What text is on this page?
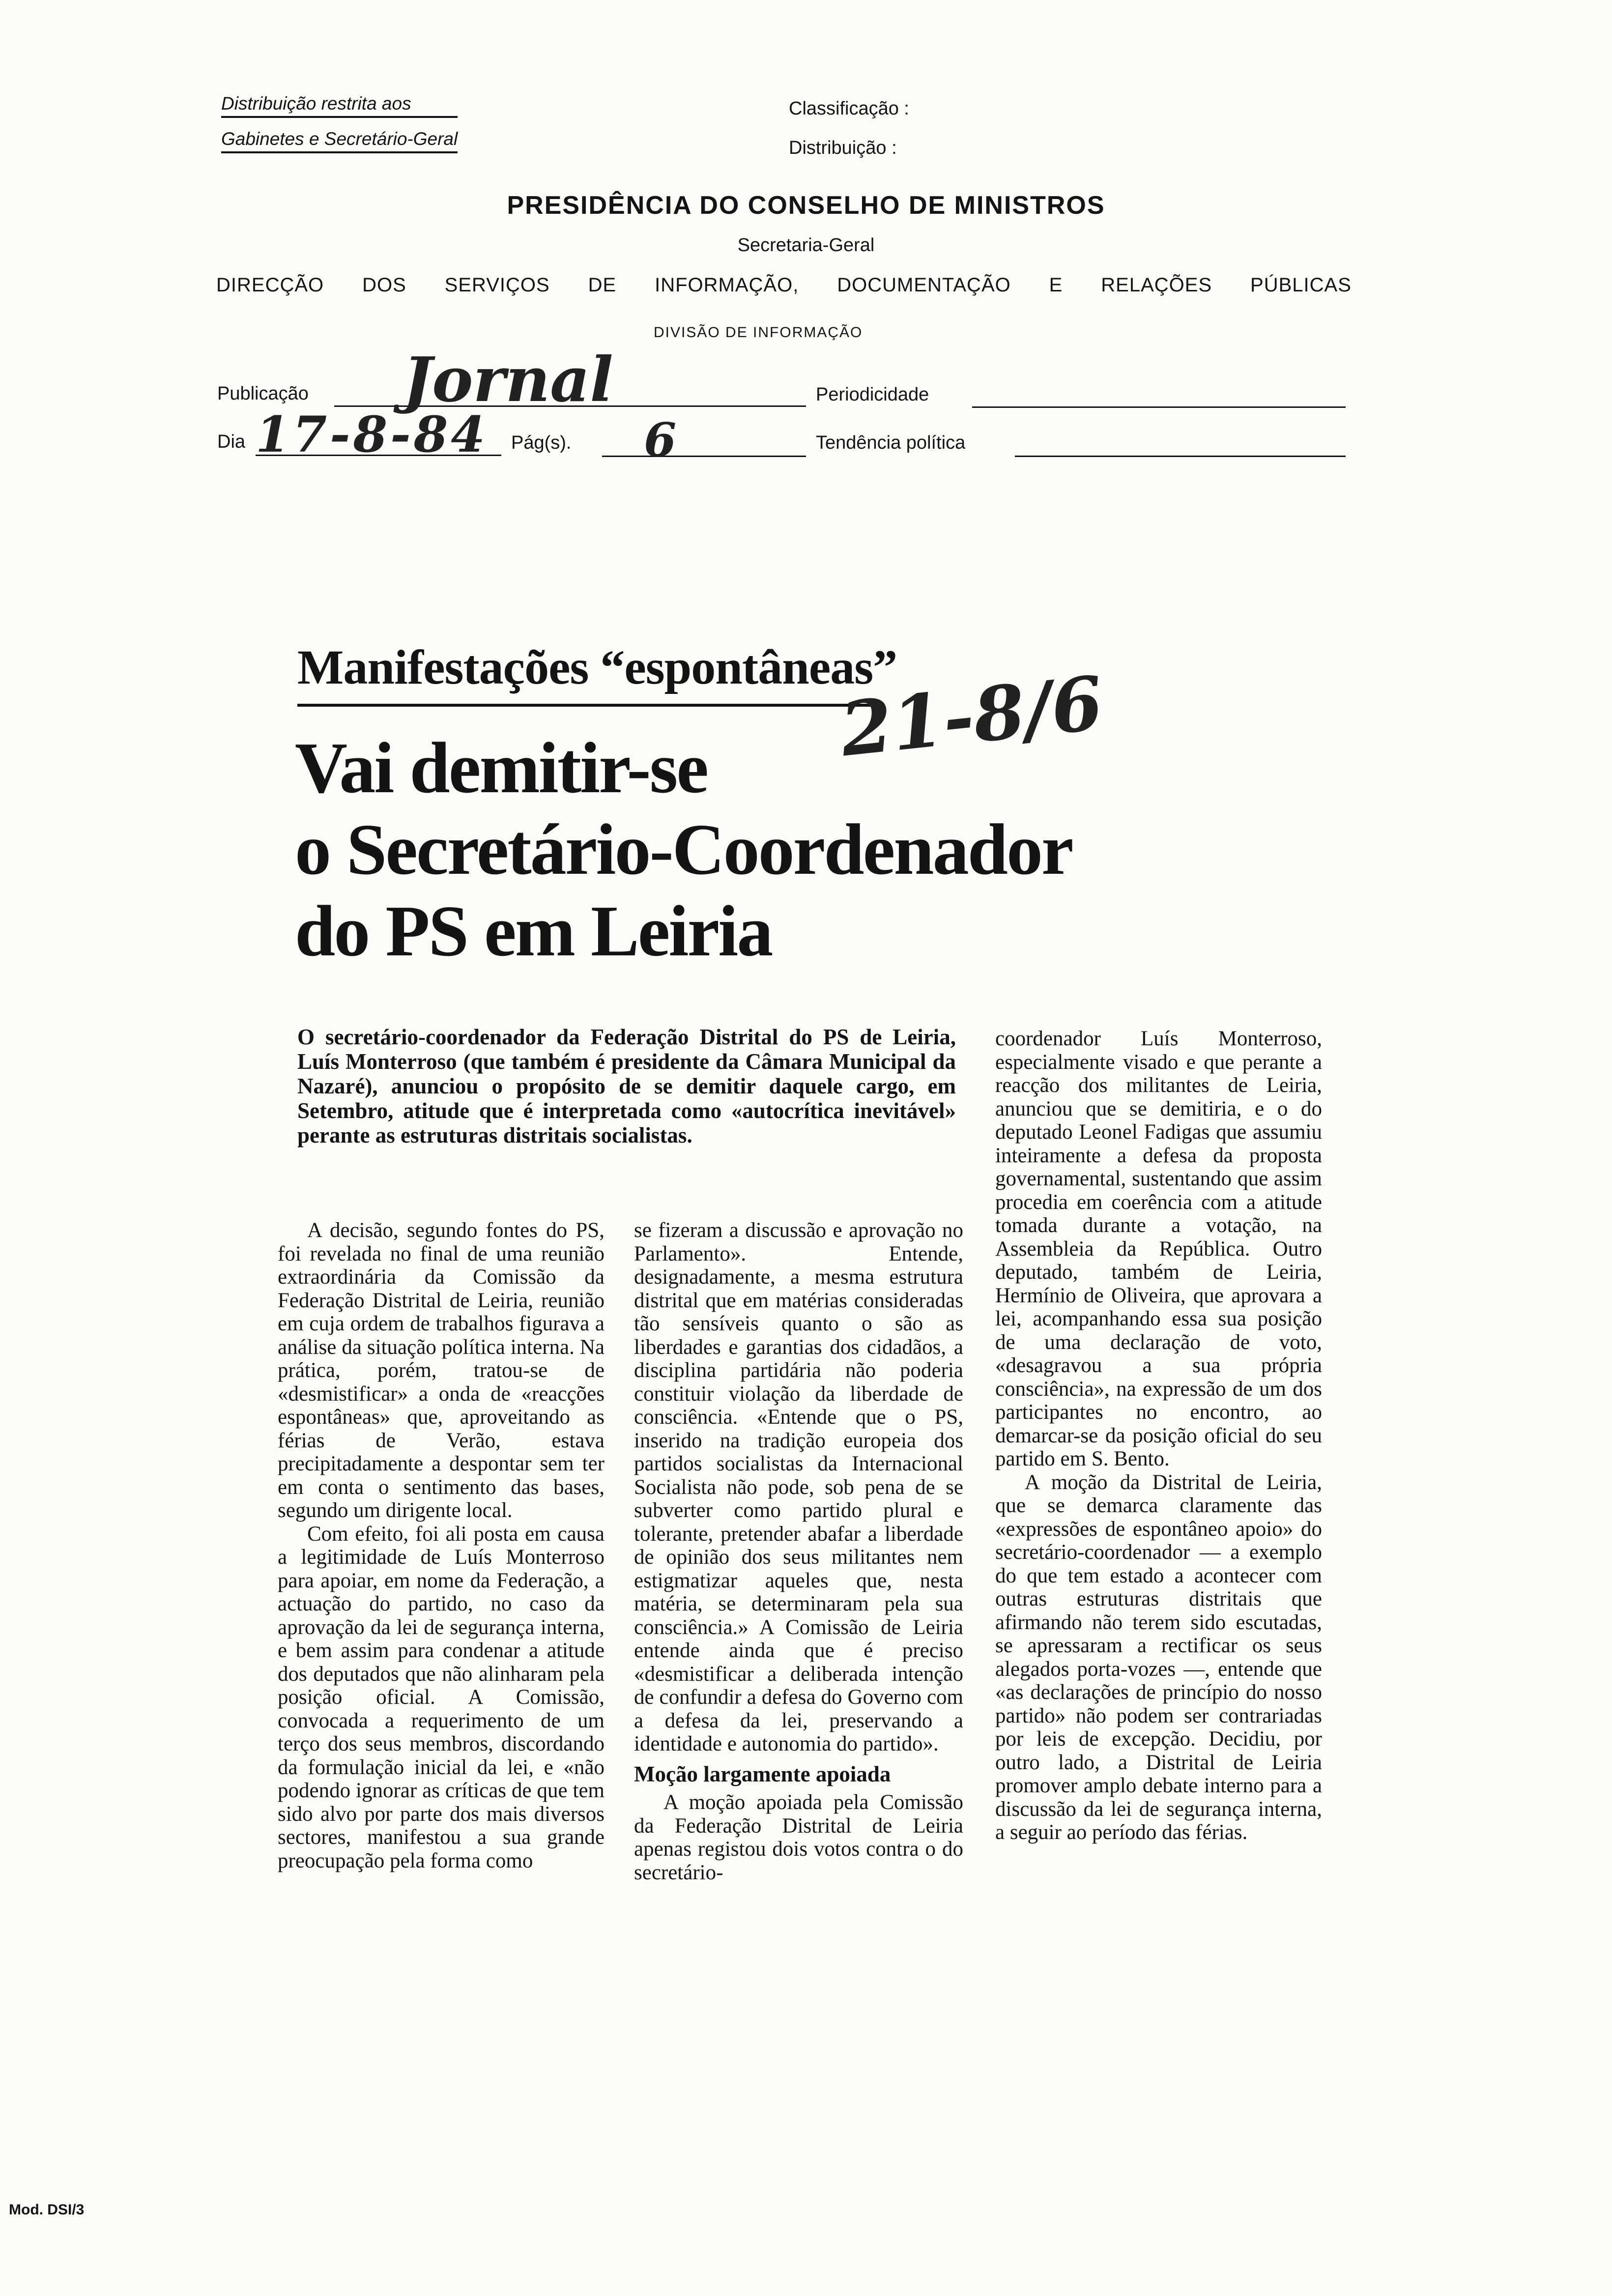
Distribuição restrita aos
Gabinetes e Secretário-Geral
Classificação :
Distribuição :
PRESIDÊNCIA DO CONSELHO DE MINISTROS
Secretaria-Geral
DIRECÇÃO DOS SERVIÇOS DE INFORMAÇÃO, DOCUMENTAÇÃO E RELAÇÕES PÚBLICAS
DIVISÃO DE INFORMAÇÃO
Publicação Jornal	Periodicidade
Dia 17-8-84 Pág(s). 6	Tendência política
Manifestações “espontâneas”
Vai demitir-se
o Secretário-Coordenador
do PS em Leiria
21-8/6
O secretário-coordenador da Federação Distrital do PS de Leiria, Luís Monterroso (que também é presidente da Câmara Municipal da Nazaré), anunciou o propósito de se demitir daquele cargo, em Setembro, atitude que é interpretada como «autocrítica inevitável» perante as estruturas distritais socialistas.

A decisão, segundo fontes do PS, foi revelada no final de uma reunião extraordinária da Comissão da Federação Distrital de Leiria, reunião em cuja ordem de trabalhos figurava a análise da situação política interna. Na prática, porém, tratou-se de «desmistificar» a onda de «reacções espontâneas» que, aproveitando as férias de Verão, estava precipitadamente a despontar sem ter em conta o sentimento das bases, segundo um dirigente local.

Com efeito, foi ali posta em causa a legitimidade de Luís Monterroso para apoiar, em nome da Federação, a actuação do partido, no caso da aprovação da lei de segurança interna, e bem assim para condenar a atitude dos deputados que não alinharam pela posição oficial. A Comissão, convocada a requerimento de um terço dos seus membros, discordando da formulação inicial da lei, e «não podendo ignorar as críticas de que tem sido alvo por parte dos mais diversos sectores, manifestou a sua grande preocupação pela forma como

se fizeram a discussão e aprovação no Parlamento». Entende, designadamente, a mesma estrutura distrital que em matérias consideradas tão sensíveis quanto o são as liberdades e garantias dos cidadãos, a disciplina partidária não poderia constituir violação da liberdade de consciência. «Entende que o PS, inserido na tradição europeia dos partidos socialistas da Internacional Socialista não pode, sob pena de se subverter como partido plural e tolerante, pretender abafar a liberdade de opinião dos seus militantes nem estigmatizar aqueles que, nesta matéria, se determinaram pela sua consciência.» A Comissão de Leiria entende ainda que é preciso «desmistificar a deliberada intenção de confundir a defesa do Governo com a defesa da lei, preservando a identidade e autonomia do partido».

Moção largamente apoiada

A moção apoiada pela Comissão da Federação Distrital de Leiria apenas registou dois votos contra o do secretário-

coordenador Luís Monterroso, especialmente visado e que perante a reacção dos militantes de Leiria, anunciou que se demitiria, e o do deputado Leonel Fadigas que assumiu inteiramente a defesa da proposta governamental, sustentando que assim procedia em coerência com a atitude tomada durante a votação, na Assembleia da República. Outro deputado, também de Leiria, Hermínio de Oliveira, que aprovara a lei, acompanhando essa sua posição de uma declaração de voto, «desagravou a sua própria consciência», na expressão de um dos participantes no encontro, ao demarcar-se da posição oficial do seu partido em S. Bento.

A moção da Distrital de Leiria, que se demarca claramente das «expressões de espontâneo apoio» do secretário-coordenador — a exemplo do que tem estado a acontecer com outras estruturas distritais que afirmando não terem sido escutadas, se apressaram a rectificar os seus alegados porta-vozes —, entende que «as declarações de princípio do nosso partido» não podem ser contrariadas por leis de excepção. Decidiu, por outro lado, a Distrital de Leiria promover amplo debate interno para a discussão da lei de segurança interna, a seguir ao período das férias.

Mod. DSI/3
